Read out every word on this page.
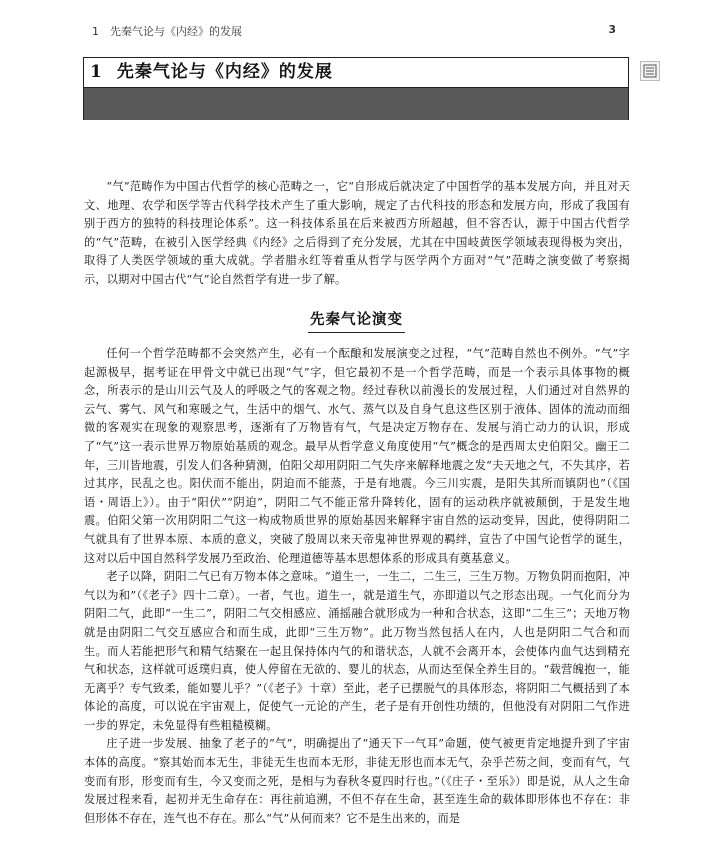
1　先秦气论与《内经》的发展	3
1 先秦气论与《内经》的发展

“气”范畴作为中国古代哲学的核心范畴之一，它“自形成后就决定了中国哲学的基本发展方向，并且对天文、地理、农学和医学等古代科学技术产生了重大影响，规定了古代科技的形态和发展方向，形成了我国有别于西方的独特的科技理论体系”。这一科技体系虽在后来被西方所超越，但不容否认，源于中国古代哲学的“气”范畴，在被引入医学经典《内经》之后得到了充分发展，尤其在中国岐黄医学领域表现得极为突出，取得了人类医学领域的重大成就。学者腊永红等着重从哲学与医学两个方面对“气”范畴之演变做了考察揭示，以期对中国古代“气”论自然哲学有进一步了解。

先秦气论演变

任何一个哲学范畴都不会突然产生，必有一个酝酿和发展演变之过程，“气”范畴自然也不例外。“气”字起源极早，据考证在甲骨文中就已出现“气”字，但它最初不是一个哲学范畴，而是一个表示具体事物的概念，所表示的是山川云气及人的呼吸之气的客观之物。经过春秋以前漫长的发展过程，人们通过对自然界的云气、雾气、风气和寒暖之气，生活中的烟气、水气、蒸气以及自身气息这些区别于液体、固体的流动而细微的客观实在现象的观察思考，逐渐有了万物皆有气，气是决定万物存在、发展与消亡动力的认识，形成了“气”这一表示世界万物原始基质的观念。最早从哲学意义角度使用“气”概念的是西周太史伯阳父。幽王二年，三川皆地震，引发人们各种猜测，伯阳父却用阴阳二气失序来解释地震之发“夫天地之气，不失其序，若过其序，民乱之也。阳伏而不能出，阴迫而不能蒸，于是有地震。今三川实震，是阳失其所而镇阴也”（《国语・周语上》）。由于“阳伏”“阴迫”，阴阳二气不能正常升降转化，固有的运动秩序就被颠倒，于是发生地震。伯阳父第一次用阴阳二气这一构成物质世界的原始基因来解释宇宙自然的运动变异，因此，使得阴阳二气就具有了世界本原、本质的意义，突破了殷周以来天帝鬼神世界观的羁绊，宣告了中国气论哲学的诞生，这对以后中国自然科学发展乃至政治、伦理道德等基本思想体系的形成具有奠基意义。

老子以降，阴阳二气已有万物本体之意味。“道生一，一生二，二生三，三生万物。万物负阴而抱阳，冲气以为和”（《老子》四十二章）。一者，气也。道生一，就是道生气，亦即道以气之形态出现。一气化而分为阴阳二气，此即“一生二”，阴阳二气交相感应、涌摇融合就形成为一种和合状态，这即“二生三”；天地万物就是由阴阳二气交互感应合和而生成，此即“三生万物”。此万物当然包括人在内，人也是阴阳二气合和而生。而人若能把形气和精气结聚在一起且保持体内气的和谐状态，人就不会离开本，会使体内血气达到精充气和状态，这样就可返璞归真，使人停留在无欲的、婴儿的状态，从而达至保全养生目的。“载营魄抱一，能无离乎？专气致柔，能如婴儿乎？”（《老子》十章）至此，老子已摆脱气的具体形态，将阴阳二气概括到了本体论的高度，可以说在宇宙观上，促使气一元论的产生，老子是有开创性功绩的，但他没有对阴阳二气作进一步的界定，未免显得有些粗糙模糊。

庄子进一步发展、抽象了老子的“气”，明确提出了“通天下一气耳”命题，使气被更肯定地提升到了宇宙本体的高度。“察其始而本无生，非徒无生也而本无形，非徒无形也而本无气，杂乎芒芴之间，变而有气，气变而有形，形变而有生，今又变而之死，是相与为春秋冬夏四时行也。”（《庄子・至乐》）即是说，从人之生命发展过程来看，起初并无生命存在：再往前追溯，不但不存在生命，甚至连生命的载体即形体也不存在：非但形体不存在，连气也不存在。那么“气”从何而来？它不是生出来的，而是
